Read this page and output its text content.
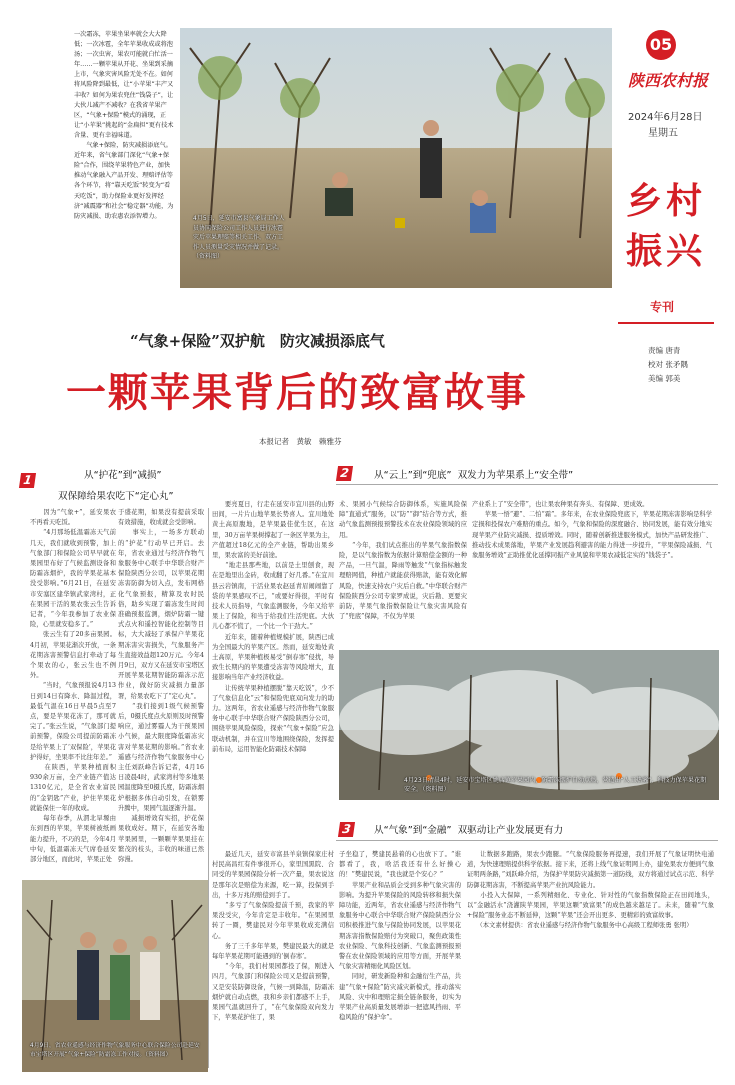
一次霜冻，苹果坐果率就会大大降低；一次冰雹，全年苹果收成或将泡汤；一次虫害，果农可能就白忙活一年……一颗苹果从开花、坐果到采摘上市，气象灾害风险无处不在。如何将风险降到最低，让“小苹果”丰产又丰收？如何为果农兜住“钱袋子”，让大伙儿减产不减收？在我省苹果产区，“气象+保险”模式的涌现，正让“小苹果”挑起的“金扁担”更有技术含量、更有幸福味道。
　　气象+保险，防灾减损添底气。近年来，省气象部门深化“气象+保险”合作，围绕苹果特色产业，加快推动气象融入产品开发、理赔评估等各个环节，将“靠天吃饭”转变为“看天吃饭”，助力保险业更好发挥经济“减震器”和社会“稳定器”功能，为防灾减损、助农惠农添智增力。	4月5日，延安市富县气象局工作人员协同保险公司工作人员进行冰雹灾后苹果理赔等相关工作，双方工作人员测量受灾情况并做了记录。（资料图）
05
陕西农村报
2024年6月28日
星期五
乡村
振兴
专刊
责编 唐青
校对 张矛隅
美编 郭美
“气象+保险”双护航　防灾减损添底气
一颗苹果背后的致富故事
本报记者　黄敏　赖雅芬
1	从“护花”到“减损”
双保障给果农吃下“定心丸”
2	从“云上”到“兜底” 双发力为苹果系上“安全带”
　　因为“气象+”，延安果农不再看天吃饭。
　　“4月那场低温霜冻天气前几天，我们就收到预警，加上气象部门和保险公司早早就在果园里布好了气候监测设备和防霜冻烟炉，我的苹果花基本没受影响。”6月21日，在延安市安塞区建华镇武家湾村，正在果园干活的果农张云生告诉记者，“今年我参加了农业保险，心里就安稳多了。”
　　张云生有了20多亩果园。4月初，苹果花渐次开放，一条花期冻害预警信息打牵动了每个果农的心，张云生也不例外。
　　“当时，气象预报说4月13日到14日有降水、降温过程，最低气温在16日早晨5点至7点，要是苹果花冻了，那可就完了。”张云生说，“气象部门提前预警，保险公司提前防霜冻是给苹果上了‘双保险’，苹果花护得好，坐果率不比往年差。”
　　在陕西，苹果种植面积930余万亩，全产业链产值达1310亿元，是全省农业富民的“金钥匙”产业，护住苹果花就能保住一年的收成。
　　每年春季，从渭北旱塬由东到西的苹果，苹果树被纸画能力提升，不巧的是，今年4月中旬，低温霜冻天气席卷延安部分地区，而此时，苹果正处
于盛花期，如果没有提前采取有效措施，收成就会受影响。
　　事实上，一场多方联动的“护花”行动早已开启。去年，省农业通过与经济作物气象服务中心联手中华联合财产保险陕西分公司，以苹果花期冻害防御为切入点，发布网格化气象预报，精算及农时民俗，助乡实现了霜冻发生时间准确预报监测，烟炉防霜一键式点火和遥控智能化控制等目标，大大减轻了承保户苹果花期冻害灾害损失，气象服务产生直接效益超120万元。今年4月9日，双方又在延安市宝塔区开展苹果花期智能防霜冻示范作业，做好防灾减损力量部署，给果农吃下了“定心丸”。
　　“我们接到1级气候预警后，0摄氏度点火原则及时预警响应，通过雾霾人为干预果园小气候，最大限度降低霜冻灾害对苹果花期的影响。”省农业遥感与经济作物气象服务中心主任刘跃峰告诉记者，4月16日凌晨4时，武家湾村等多地果园温度降至0摄氏度，防霜冻烟炉根据多体自动引发，在锁雾升腾中，果园气温逐渐升温。
　　减损增效有实招，护花保果收成好。期下，在延安各地苹果园里，一颗颗苹果果挂在繁茂的枝头，丰收的味道已然弥漫。
　　要亮夏日，行走在延安市宜川县的山野田间，一片片山地苹果长势喜人。宜川地处黄土高原腹地，是苹果最佳优生区，在这里，30万亩苹果树撑起了一条区苹果为主，产值超过18亿元的全产业链，帮助出果乡里，果农富的美好前途。
　　“地走县那些地，以前是土里刨食，现在是地里出金砖，收成翻了好几番。”在宜川县云岩镇南，干活业果农赵延青眉闹闹靠了袋的苹果感叹不已，“或要好得很，平时有技术人员指导，气象监测服务，今年又给苹果上了保险，和当于给我们生活兜底。大伙儿心都不慌了，一个比一个干劲大。”
　　近年来，随着种植规模扩展，陕西已成为全国最大的苹果产区。然而，延安地处黄土高原，苹果种植极易受“倒春寒”侵扰，导致生长期内的苹果遭受冻害等风险增大，直接影响当年产业经济收益。
　　让传统苹果种植摆脱“靠天吃饭”，少不了气象信息化“云”和保险兜底双向发力的助力。这两年，省农业遥感与经济作物气象服务中心联手中华联合财产保险陕西分公司，围绕苹果风险保险，探索“气象+保险”应急联动机制，并在宜川等地围绕保险，发挥提前布局，运用智能化防霜技术保障
术、果园小气候综合防御体系，实施风险保障“直通式”服务，以“防”“御”结合等方式，推动气象监测预报预警技术在农业保险领域的应用。
　　“今年，我们试点推出的苹果气象指数保险，是以气象指数为依据计算赔偿金额的一种产品，一旦气温，降雨等触发“气象指标触发理赔网值，种植户就能获得赔款，能有效化解风险，快速支持农户灾后自救。”中华联合财产保险陕西分公司专家罗成说，灾后勘、更要灾前防，苹果气象指数保险让气象灾害风险有了“兜底”保障，不仅为苹果
产业系上了“安全带”，也让果农种果有奔头、有保障、更成效。
　　苹果一悟“避”、二怕“霜”。多年来，在农业保险兜底下，苹果花期冻害影响是科学定损和投保农户难赔的重点。如今，气象和保险的深度融合、协同发展，能有效分地实现苹果产业防灾减损、提质增效。同时，随着创新推进服务模式，加快产品研发推广、推动技术成果落地，苹果产业发展趋利避害的能力得进一步提升，“苹果保险减损、气象服务增效”正助推优化延撑同振产业风貌和苹果农减低定实的“钱袋子”。
4月23日清晨4时，延安市宝塔区姚店镇苹果园内，防霜冻烟炉自动点燃，营造出“人工热雾”，科技力保苹果花期安全。（资料图）
3	从“气象”到“金融” 双驱动让产业发展更有力
　　最近几天，延安市富县羊泉镇保家庄村村民高昌红有件事很开心，家里国黑院、合同受的苹果园保险分析一次产量，果农说这是那年次是赔偿为来源，吃一算，投保到手出，十多万兆的赔偿到手了。
　　“多亏了气象保险提前千预，我家的苹果没受灾，今年肯定是丰收年。“在果园里转了一圈，樊建民对今年苹果收成充满信心。
　　务了三千多年苹果，樊建民最大的就是每年苹果花期可能遇到的‘倒春寒’。
　　“今年，我们村果园都投了保，刚进入四月，气象部门和保险公司又是提前预警，又是安装防御设备，气候一到降温，防霜冻烟炉就自动点燃，我和乡亲们都感不上手，果园气温就回升了，“在气象保险双向发力下，苹果花护住了，果
子坐稳了，樊建民悬着的心也放下了。“谁都看了，我，啥活我还有什么好操心的！”樊建民说，“我也就是个安心？”
　　苹果产业和品质会受到多种气象灾害的影响。为提升苹果保险的风险转移和损失保障功能，近两年，省农业遥感与经济作物气象服务中心联合中华联合财产保险陕西分公司积极推进气象与保险协同发展，以苹果花期冻害指数保险赔付为突破口，聚焦政策性农业保险、气象科技创新、气象监测预报预警在农业保险领域的应用等方面，开展苹果气象灾害精细化风险区划。
　　同时，研发新险种和金融衍生产品，共建“气象+保险”防灾减灾新模式，推动落实风险、灾中和理赔定损全链条服务，切实为苹果产业高质量发展增添一把遮风挡雨、平稳风险的“保护伞”。
　　让数据多跑路，果农少跑腿。“气象保险服务再提速，我们开展了气象证明快电通道，为快速理赔提供科学依据。接下来，还将上线气象证明网上办，建免果农方便到气象证明两条路，”刘跃峰介绍，为保护苹果防灾减损第一道防线，双方将通过试点示范、科学防御花期冻害，不断提高苹果产业抗风险能力。
　　小投入大保障，一系列精细化、专业化、针对性的气象指数保险正在田间地头，以“金融活水”浇灌陕苹果园，苹果这颗“致富果”的成色越来越足了。未来，随着“气象+保险”服务业态不断延伸，这颗“苹果”还会开出更多、更精彩的致富故事。
　　（本文素材提供：省农业遥感与经济作物气象服务中心高级工程师张勇 张明）
4月9日，省农业遥感与经济作物气象服务中心联合保险公司赴延安市宝塔区开展“气象+保险”防霜冻工作对接。（资料图）
